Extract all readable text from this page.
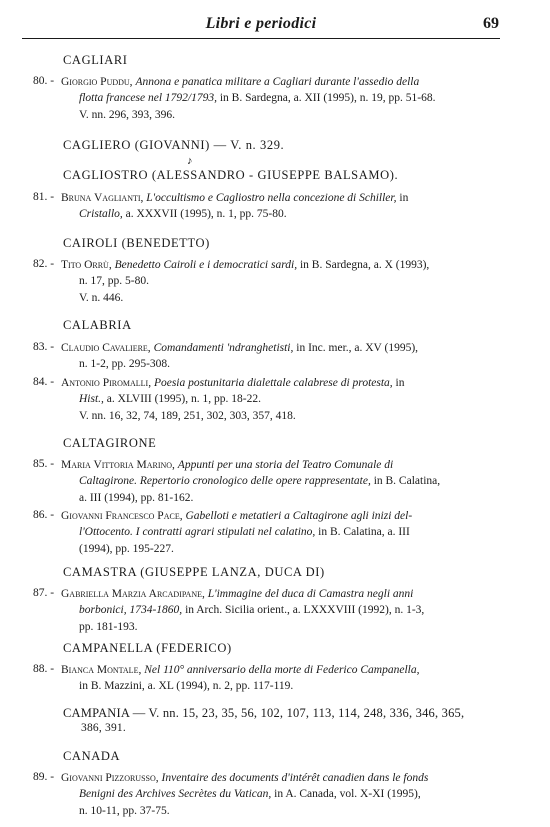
Libri e periodici	69
CAGLIARI
80. - Giorgio Puddu, Annona e panatica militare a Cagliari durante l'assedio della
flotta francese nel 1792/1793, in B. Sardegna, a. XII (1995), n. 19, pp. 51-68.
V. nn. 296, 393, 396.
CAGLIERO (GIOVANNI) — V. n. 329.
♪
CAGLIOSTRO (ALESSANDRO - GIUSEPPE BALSAMO).
81. - Bruna Vaglianti, L'occultismo e Cagliostro nella concezione di Schiller, in
Cristallo, a. XXXVII (1995), n. 1, pp. 75-80.
CAIROLI (BENEDETTO)
82. - Tito Orrù, Benedetto Cairoli e i democratici sardi, in B. Sardegna, a. X (1993),
n. 17, pp. 5-80.
V. n. 446.
CALABRIA
83. - Claudio Cavaliere, Comandamenti 'ndranghetisti, in Inc. mer., a. XV (1995),
n. 1-2, pp. 295-308.
84. - Antonio Piromalli, Poesia postunitaria dialettale calabrese di protesta, in
Hist., a. XLVIII (1995), n. 1, pp. 18-22.
V. nn. 16, 32, 74, 189, 251, 302, 303, 357, 418.
CALTAGIRONE
85. - Maria Vittoria Marino, Appunti per una storia del Teatro Comunale di
Caltagirone. Repertorio cronologico delle opere rappresentate, in B. Calatina,
a. III (1994), pp. 81-162.
86. - Giovanni Francesco Pace, Gabelloti e metatieri a Caltagirone agli inizi del-
l'Ottocento. I contratti agrari stipulati nel calatino, in B. Calatina, a. III
(1994), pp. 195-227.
CAMASTRA (GIUSEPPE LANZA, DUCA DI)
87. - Gabriella Marzia Arcadipane, L'immagine del duca di Camastra negli anni
borbonici, 1734-1860, in Arch. Sicilia orient., a. LXXXVIII (1992), n. 1-3,
pp. 181-193.
CAMPANELLA (FEDERICO)
88. - Bianca Montale, Nel 110° anniversario della morte di Federico Campanella,
in B. Mazzini, a. XL (1994), n. 2, pp. 117-119.
CAMPANIA — V. nn. 15, 23, 35, 56, 102, 107, 113, 114, 248, 336, 346, 365,
386, 391.
CANADA
89. - Giovanni Pizzorusso, Inventaire des documents d'intérêt canadien dans le fonds
Benigni des Archives Secrètes du Vatican, in A. Canada, vol. X-XI (1995),
n. 10-11, pp. 37-75.
